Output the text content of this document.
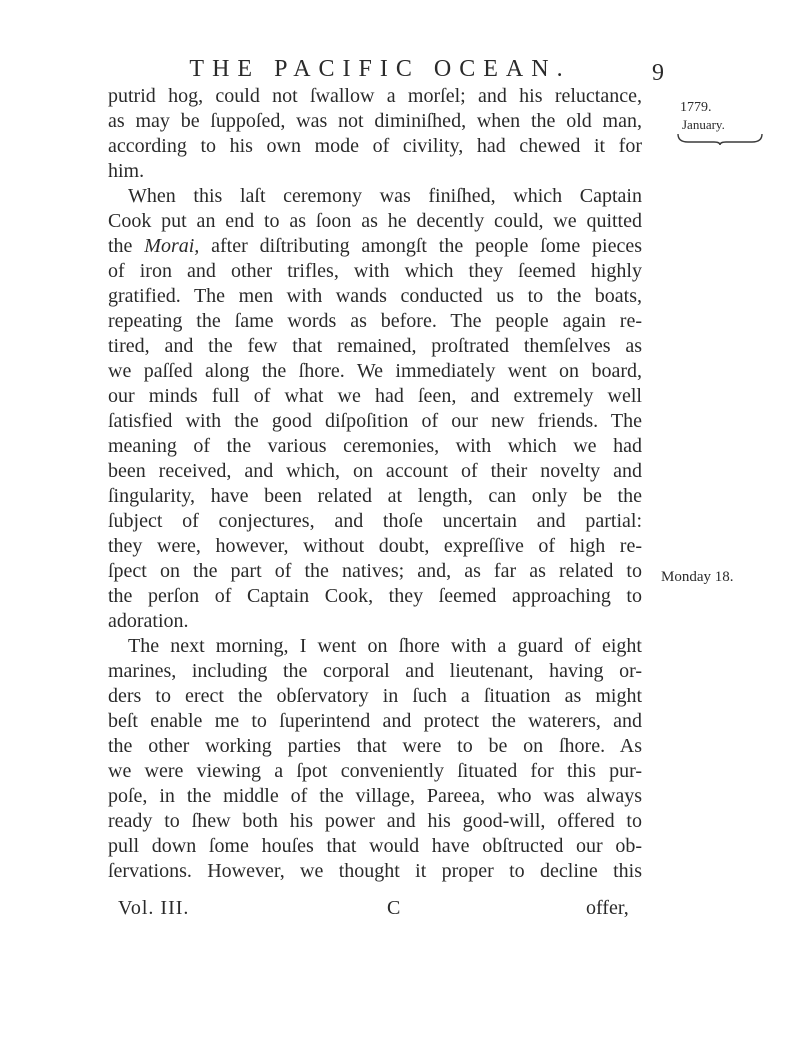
THE PACIFIC OCEAN.	9
1779.
January.
Monday 18.
putrid hog, could not ſwallow a morſel; and his reluctance,
as may be ſuppoſed, was not diminiſhed, when the old man,
according to his own mode of civility, had chewed it for
him.
When this laſt ceremony was finiſhed, which Captain
Cook put an end to as ſoon as he decently could, we quitted
the Morai, after diſtributing amongſt the people ſome pieces
of iron and other trifles, with which they ſeemed highly
gratified. The men with wands conducted us to the boats,
repeating the ſame words as before. The people again re-
tired, and the few that remained, proſtrated themſelves as
we paſſed along the ſhore. We immediately went on board,
our minds full of what we had ſeen, and extremely well
ſatisfied with the good diſpoſition of our new friends. The
meaning of the various ceremonies, with which we had
been received, and which, on account of their novelty and
ſingularity, have been related at length, can only be the
ſubject of conjectures, and thoſe uncertain and partial:
they were, however, without doubt, expreſſive of high re-
ſpect on the part of the natives; and, as far as related to
the perſon of Captain Cook, they ſeemed approaching to
adoration.
The next morning, I went on ſhore with a guard of eight
marines, including the corporal and lieutenant, having or-
ders to erect the obſervatory in ſuch a ſituation as might
beſt enable me to ſuperintend and protect the waterers, and
the other working parties that were to be on ſhore. As
we were viewing a ſpot conveniently ſituated for this pur-
poſe, in the middle of the village, Pareea, who was always
ready to ſhew both his power and his good-will, offered to
pull down ſome houſes that would have obſtructed our ob-
ſervations. However, we thought it proper to decline this
Vol. III.	C	offer,
